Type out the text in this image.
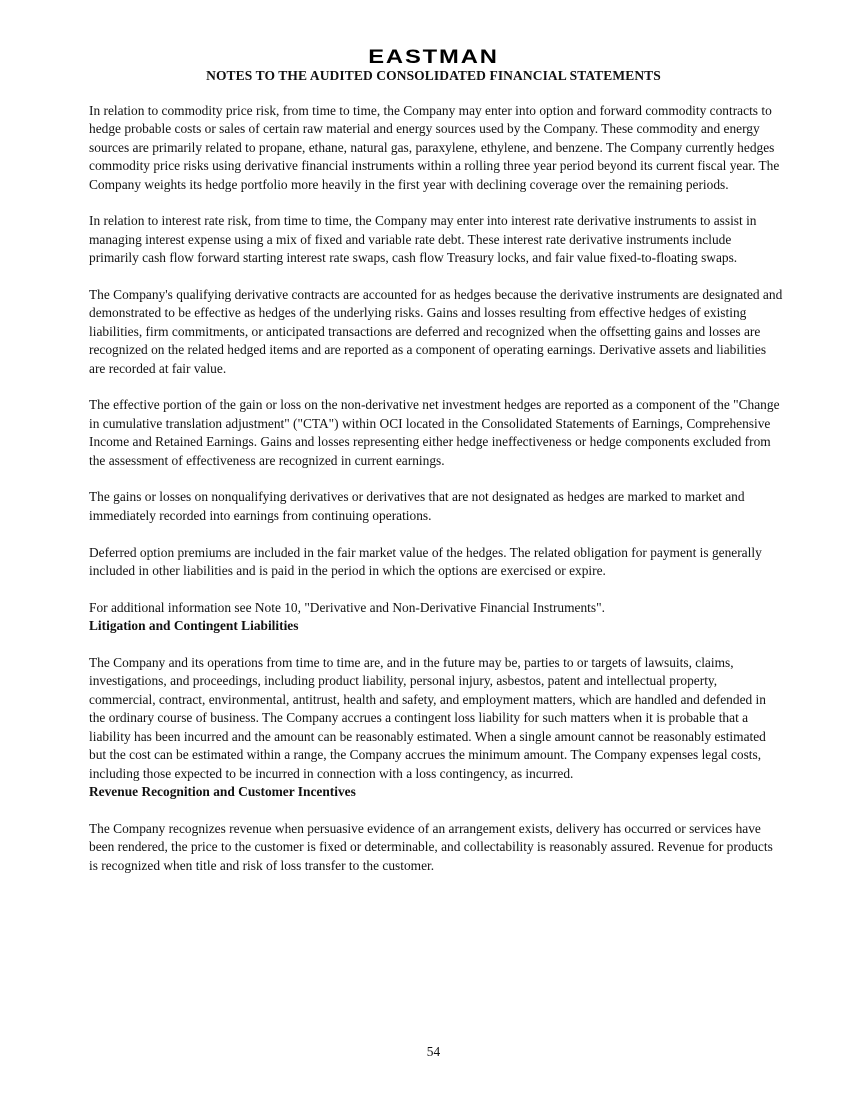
EASTMAN
NOTES TO THE AUDITED CONSOLIDATED FINANCIAL STATEMENTS

In relation to commodity price risk, from time to time, the Company may enter into option and forward commodity contracts to hedge probable costs or sales of certain raw material and energy sources used by the Company. These commodity and energy sources are primarily related to propane, ethane, natural gas, paraxylene, ethylene, and benzene. The Company currently hedges commodity price risks using derivative financial instruments within a rolling three year period beyond its current fiscal year. The Company weights its hedge portfolio more heavily in the first year with declining coverage over the remaining periods.

In relation to interest rate risk, from time to time, the Company may enter into interest rate derivative instruments to assist in managing interest expense using a mix of fixed and variable rate debt. These interest rate derivative instruments include primarily cash flow forward starting interest rate swaps, cash flow Treasury locks, and fair value fixed-to-floating swaps.

The Company's qualifying derivative contracts are accounted for as hedges because the derivative instruments are designated and demonstrated to be effective as hedges of the underlying risks. Gains and losses resulting from effective hedges of existing liabilities, firm commitments, or anticipated transactions are deferred and recognized when the offsetting gains and losses are recognized on the related hedged items and are reported as a component of operating earnings. Derivative assets and liabilities are recorded at fair value.

The effective portion of the gain or loss on the non-derivative net investment hedges are reported as a component of the "Change in cumulative translation adjustment" ("CTA") within OCI located in the Consolidated Statements of Earnings, Comprehensive Income and Retained Earnings. Gains and losses representing either hedge ineffectiveness or hedge components excluded from the assessment of effectiveness are recognized in current earnings.

The gains or losses on nonqualifying derivatives or derivatives that are not designated as hedges are marked to market and immediately recorded into earnings from continuing operations.

Deferred option premiums are included in the fair market value of the hedges. The related obligation for payment is generally included in other liabilities and is paid in the period in which the options are exercised or expire.

For additional information see Note 10, "Derivative and Non-Derivative Financial Instruments".

Litigation and Contingent Liabilities

The Company and its operations from time to time are, and in the future may be, parties to or targets of lawsuits, claims, investigations, and proceedings, including product liability, personal injury, asbestos, patent and intellectual property, commercial, contract, environmental, antitrust, health and safety, and employment matters, which are handled and defended in the ordinary course of business. The Company accrues a contingent loss liability for such matters when it is probable that a liability has been incurred and the amount can be reasonably estimated. When a single amount cannot be reasonably estimated but the cost can be estimated within a range, the Company accrues the minimum amount. The Company expenses legal costs, including those expected to be incurred in connection with a loss contingency, as incurred.

Revenue Recognition and Customer Incentives

The Company recognizes revenue when persuasive evidence of an arrangement exists, delivery has occurred or services have been rendered, the price to the customer is fixed or determinable, and collectability is reasonably assured. Revenue for products is recognized when title and risk of loss transfer to the customer.

54
